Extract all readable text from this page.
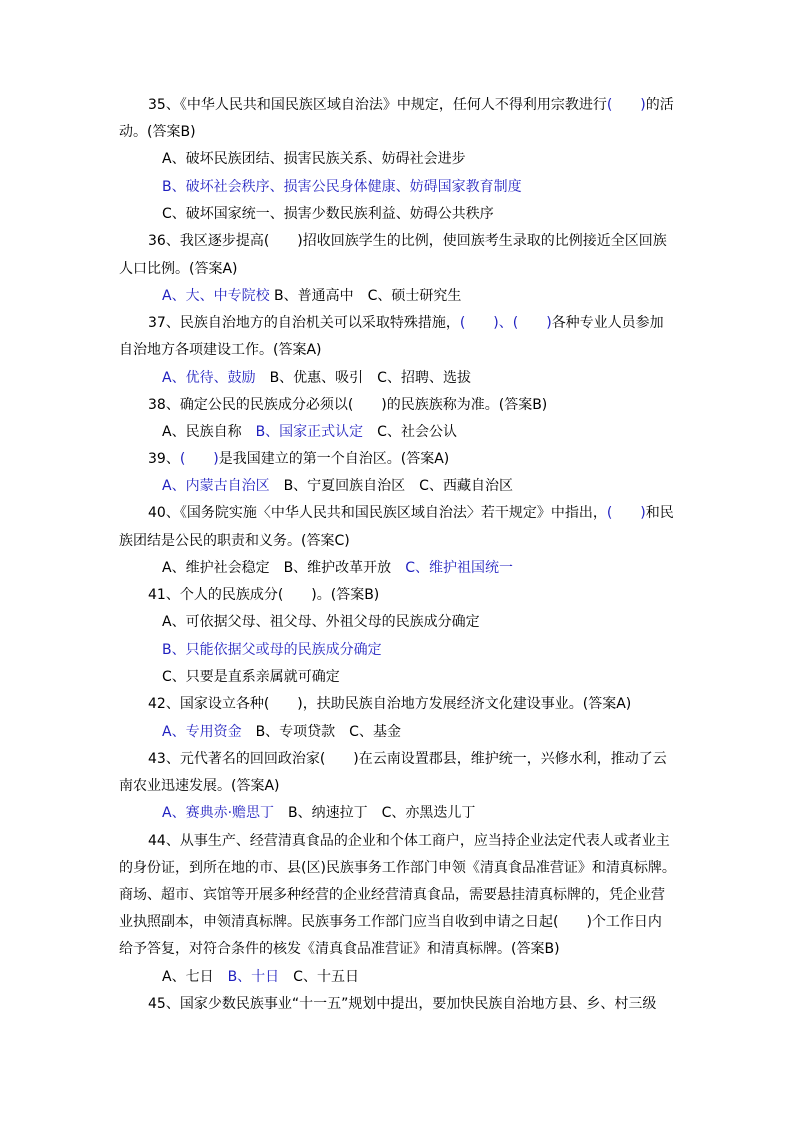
35、《中华人民共和国民族区域自治法》中规定，任何人不得利用宗教进行(　　)的活
动。(答案B)
A、破坏民族团结、损害民族关系、妨碍社会进步
B、破坏社会秩序、损害公民身体健康、妨碍国家教育制度
C、破坏国家统一、损害少数民族利益、妨碍公共秩序
36、我区逐步提高(　　)招收回族学生的比例，使回族考生录取的比例接近全区回族
人口比例。(答案A)
A、大、中专院校 B、普通高中　C、硕士研究生
37、民族自治地方的自治机关可以采取特殊措施，(　　)、(　　)各种专业人员参加
自治地方各项建设工作。(答案A)
A、优待、鼓励　B、优惠、吸引　C、招聘、选拔
38、确定公民的民族成分必须以(　　)的民族族称为准。(答案B)
A、民族自称　B、国家正式认定　C、社会公认
39、(　　)是我国建立的第一个自治区。(答案A)
A、内蒙古自治区　B、宁夏回族自治区　C、西藏自治区
40、《国务院实施〈中华人民共和国民族区域自治法〉若干规定》中指出，(　　)和民
族团结是公民的职责和义务。(答案C)
A、维护社会稳定　B、维护改革开放　C、维护祖国统一
41、个人的民族成分(　　)。(答案B)
A、可依据父母、祖父母、外祖父母的民族成分确定
B、只能依据父或母的民族成分确定
C、只要是直系亲属就可确定
42、国家设立各种(　　)，扶助民族自治地方发展经济文化建设事业。(答案A)
A、专用资金　B、专项贷款　C、基金
43、元代著名的回回政治家(　　)在云南设置郡县，维护统一，兴修水利，推动了云
南农业迅速发展。(答案A)
A、赛典赤·赡思丁　B、纳速拉丁　C、亦黑迭儿丁
44、从事生产、经营清真食品的企业和个体工商户，应当持企业法定代表人或者业主
的身份证，到所在地的市、县(区)民族事务工作部门申领《清真食品准营证》和清真标牌。
商场、超市、宾馆等开展多种经营的企业经营清真食品，需要悬挂清真标牌的，凭企业营
业执照副本，申领清真标牌。民族事务工作部门应当自收到申请之日起(　　)个工作日内
给予答复，对符合条件的核发《清真食品准营证》和清真标牌。(答案B)
A、七日　B、十日　C、十五日
45、国家少数民族事业“十一五”规划中提出，要加快民族自治地方县、乡、村三级
